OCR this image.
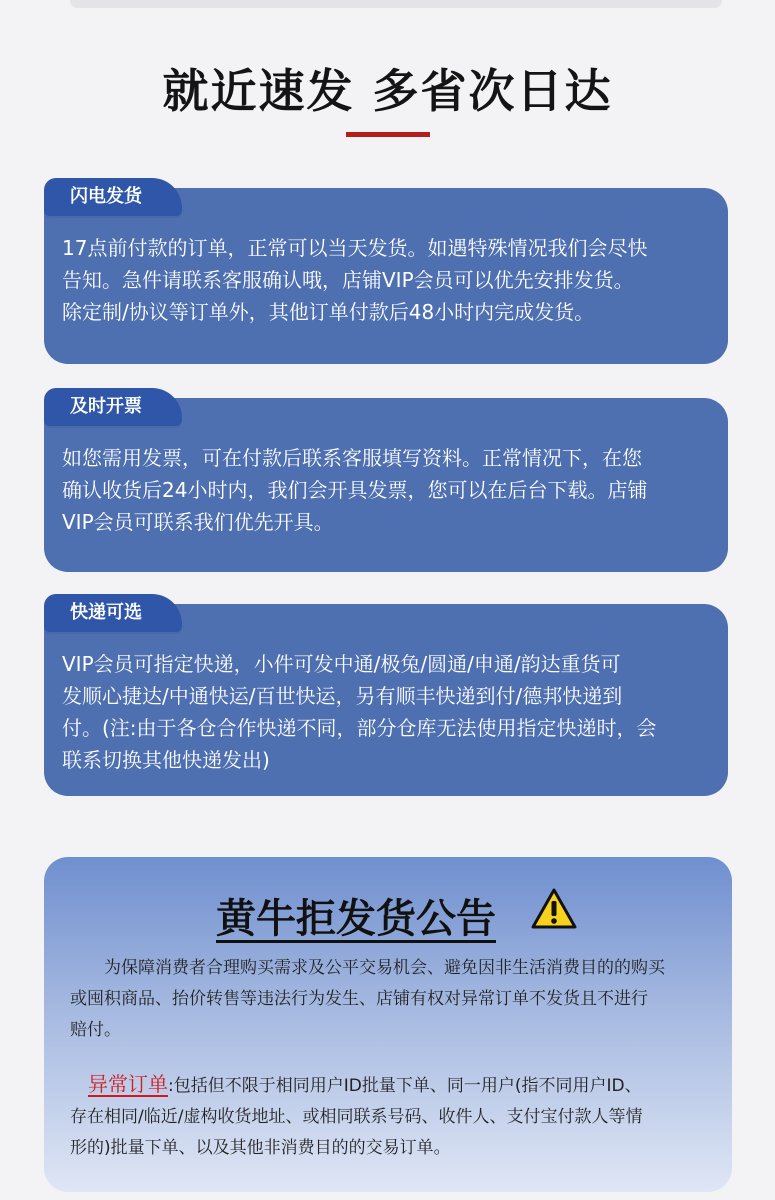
就近速发 多省次日达
闪电发货
17点前付款的订单，正常可以当天发货。如遇特殊情况我们会尽快
告知。急件请联系客服确认哦，店铺VIP会员可以优先安排发货。
除定制/协议等订单外，其他订单付款后48小时内完成发货。
及时开票
如您需用发票，可在付款后联系客服填写资料。正常情况下，在您
确认收货后24小时内，我们会开具发票，您可以在后台下载。店铺
VIP会员可联系我们优先开具。
快递可选
VIP会员可指定快递，小件可发中通/极兔/圆通/申通/韵达重货可
发顺心捷达/中通快运/百世快运，另有顺丰快递到付/德邦快递到
付。(注:由于各仓合作快递不同，部分仓库无法使用指定快递时，会
联系切换其他快递发出)
黄牛拒发货公告
为保障消费者合理购买需求及公平交易机会、避免因非生活消费目的的购买
或囤积商品、抬价转售等违法行为发生、店铺有权对异常订单不发货且不进行
赔付。
异常订单:包括但不限于相同用户ID批量下单、同一用户(指不同用户ID、
存在相同/临近/虚构收货地址、或相同联系号码、收件人、支付宝付款人等情
形的)批量下单、以及其他非消费目的的交易订单。
